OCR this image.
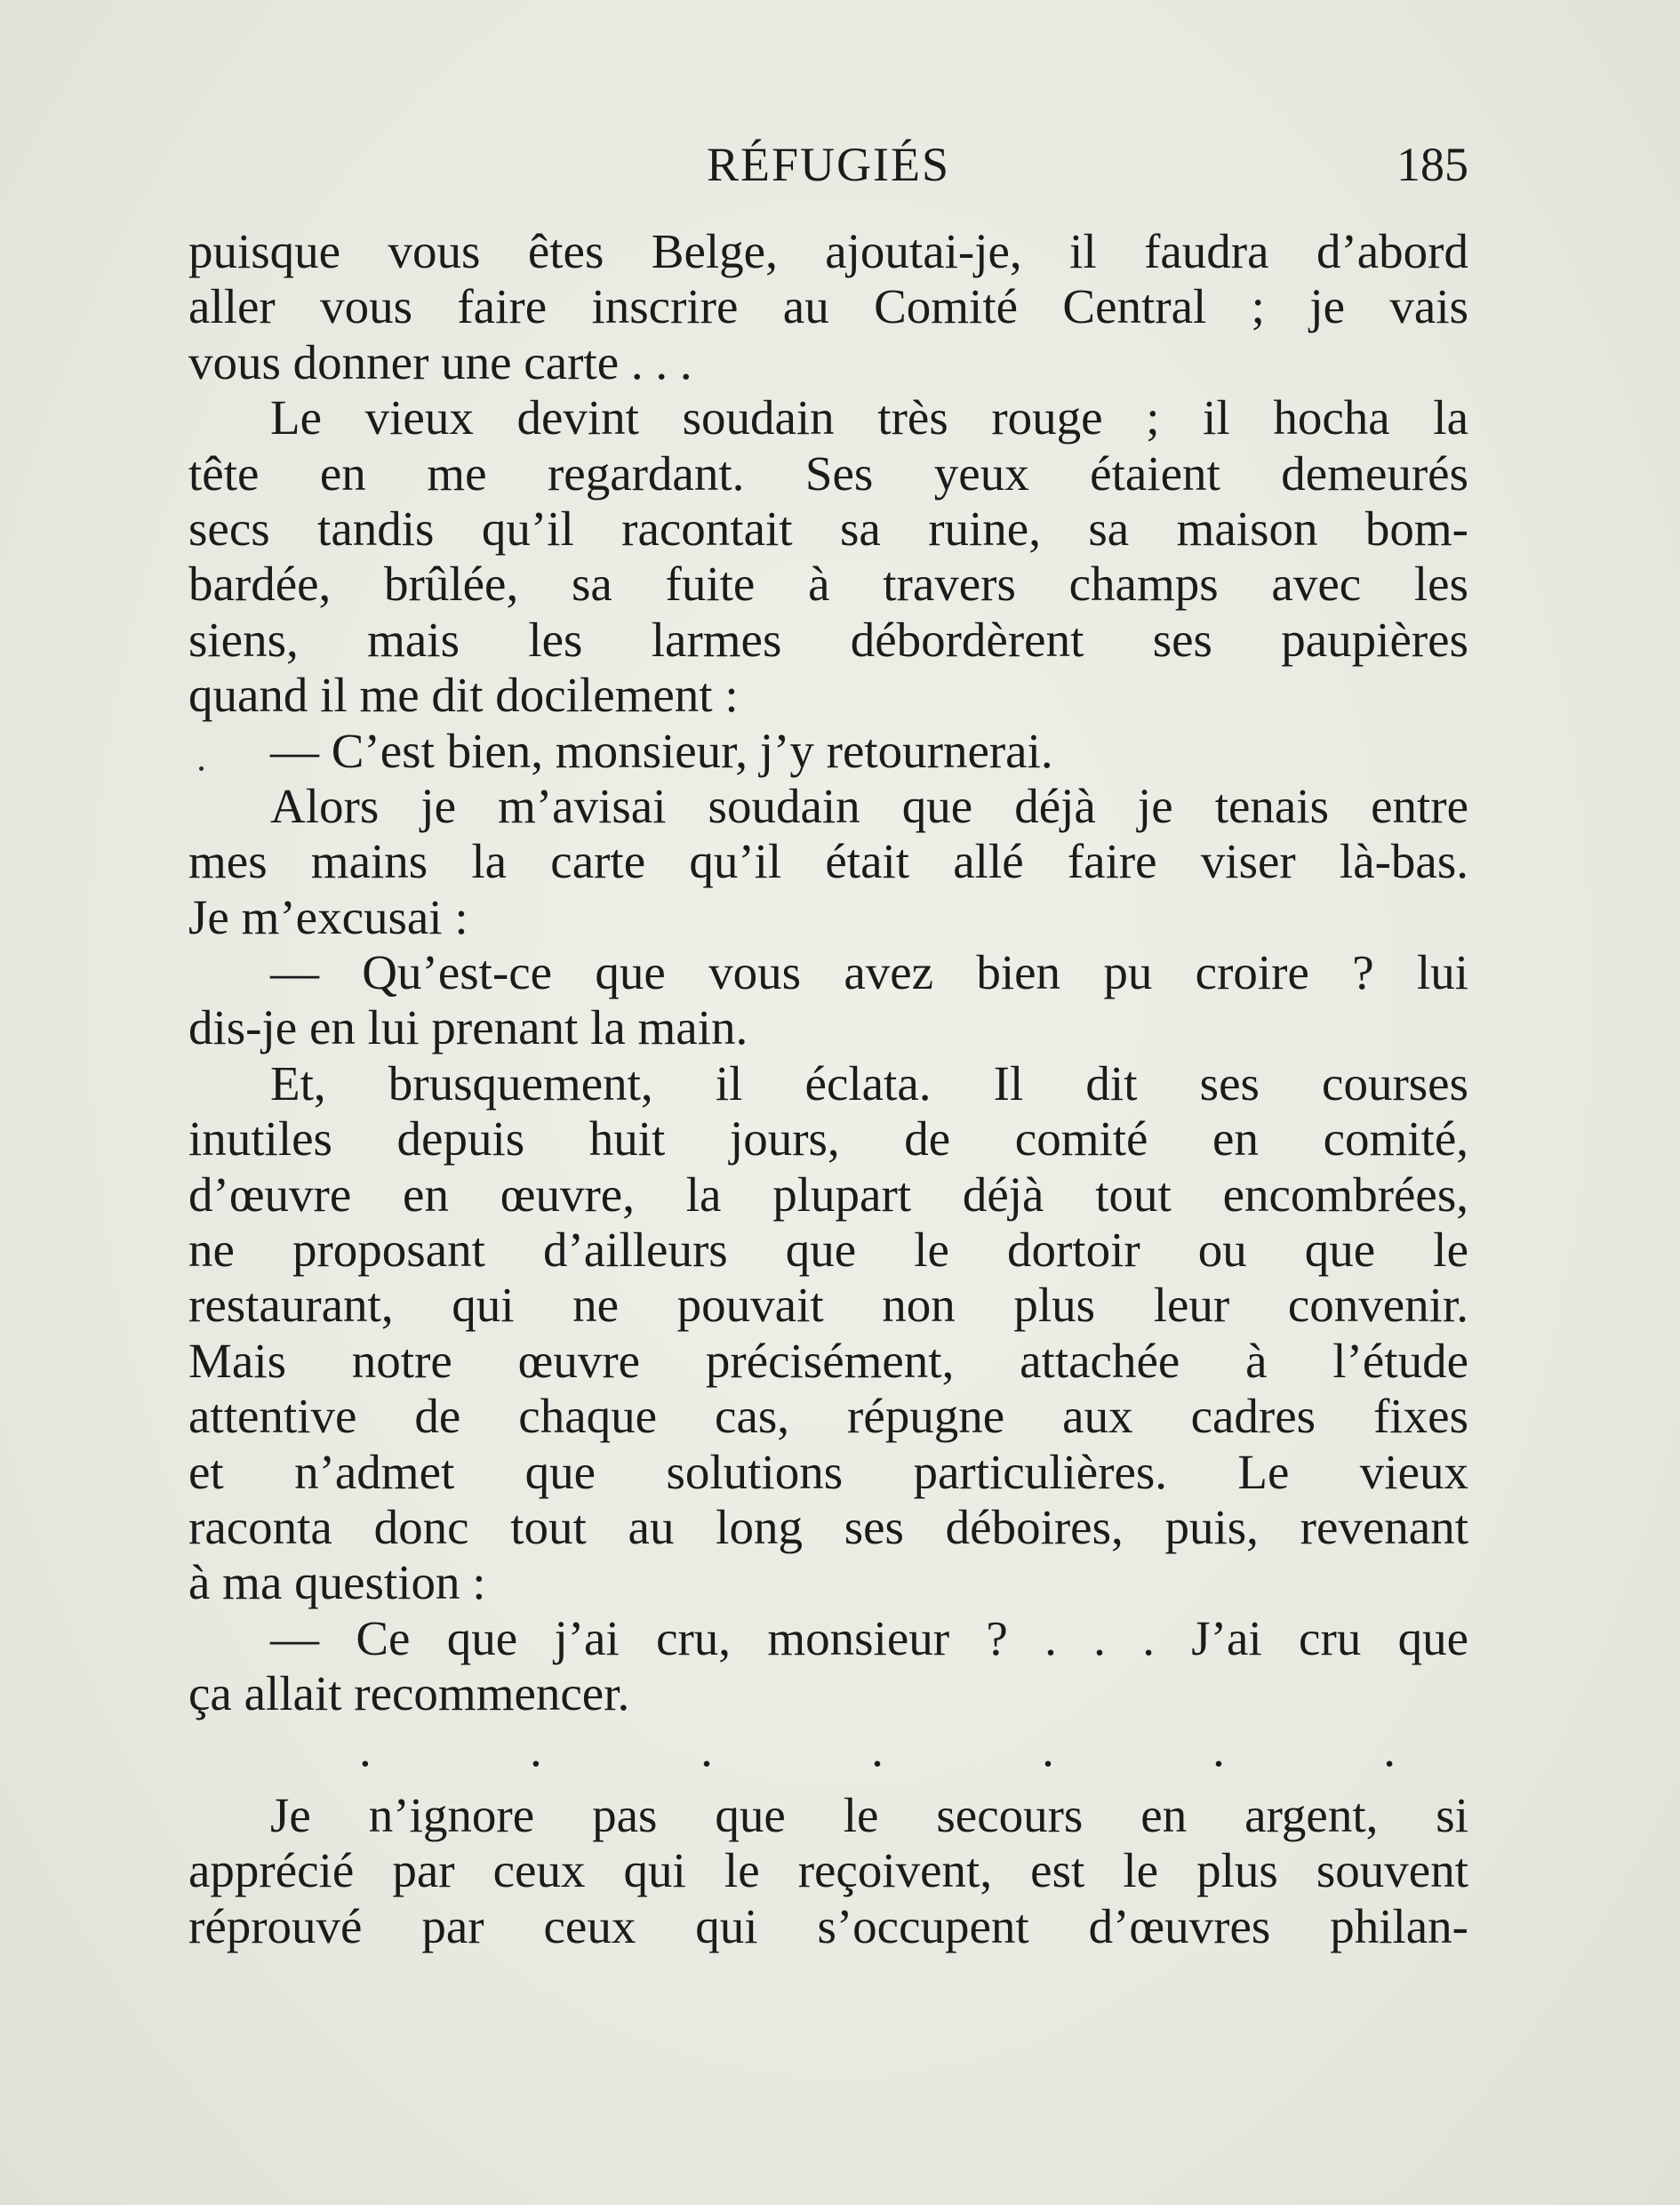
RÉFUGIÉS	185
puisque vous êtes Belge, ajoutai-je, il faudra d’abord
aller vous faire inscrire au Comité Central ; je vais
vous donner une carte . . .
Le vieux devint soudain très rouge ; il hocha la
tête en me regardant. Ses yeux étaient demeurés
secs tandis qu’il racontait sa ruine, sa maison bom-
bardée, brûlée, sa fuite à travers champs avec les
siens, mais les larmes débordèrent ses paupières
quand il me dit docilement :
— C’est bien, monsieur, j’y retournerai.
Alors je m’avisai soudain que déjà je tenais entre
mes mains la carte qu’il était allé faire viser là-bas.
Je m’excusai :
— Qu’est-ce que vous avez bien pu croire ? lui
dis-je en lui prenant la main.
Et, brusquement, il éclata. Il dit ses courses
inutiles depuis huit jours, de comité en comité,
d’œuvre en œuvre, la plupart déjà tout encombrées,
ne proposant d’ailleurs que le dortoir ou que le
restaurant, qui ne pouvait non plus leur convenir.
Mais notre œuvre précisément, attachée à l’étude
attentive de chaque cas, répugne aux cadres fixes
et n’admet que solutions particulières. Le vieux
raconta donc tout au long ses déboires, puis, revenant
à ma question :
— Ce que j’ai cru, monsieur ? . . . J’ai cru que
ça allait recommencer.
.	.	.	.	.	.	.
Je n’ignore pas que le secours en argent, si
apprécié par ceux qui le reçoivent, est le plus souvent
réprouvé par ceux qui s’occupent d’œuvres philan-
